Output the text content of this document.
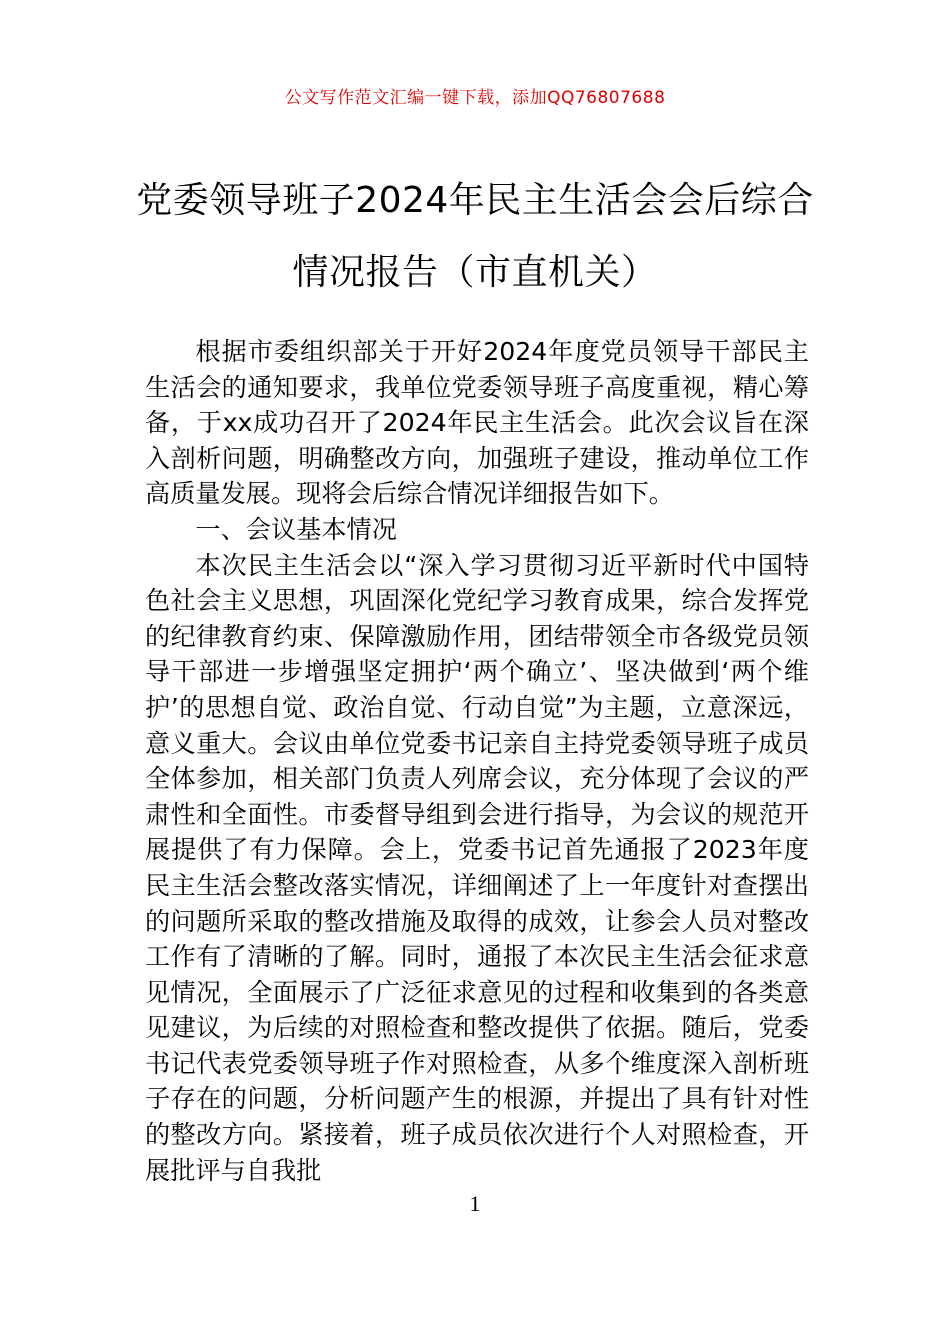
公文写作范文汇编一键下载，添加QQ76807688
党委领导班子2024年民主生活会会后综合
情况报告（市直机关）

根据市委组织部关于开好2024年度党员领导干部民主生活会的通知要求，我单位党委领导班子高度重视，精心筹备，于xx成功召开了2024年民主生活会。此次会议旨在深入剖析问题，明确整改方向，加强班子建设，推动单位工作高质量发展。现将会后综合情况详细报告如下。

一、会议基本情况

本次民主生活会以“深入学习贯彻习近平新时代中国特色社会主义思想，巩固深化党纪学习教育成果，综合发挥党的纪律教育约束、保障激励作用，团结带领全市各级党员领导干部进一步增强坚定拥护‘两个确立’、坚决做到‘两个维护’的思想自觉、政治自觉、行动自觉”为主题，立意深远，意义重大。会议由单位党委书记亲自主持党委领导班子成员全体参加，相关部门负责人列席会议，充分体现了会议的严肃性和全面性。市委督导组到会进行指导，为会议的规范开展提供了有力保障。会上，党委书记首先通报了2023年度民主生活会整改落实情况，详细阐述了上一年度针对查摆出的问题所采取的整改措施及取得的成效，让参会人员对整改工作有了清晰的了解。同时，通报了本次民主生活会征求意见情况，全面展示了广泛征求意见的过程和收集到的各类意见建议，为后续的对照检查和整改提供了依据。随后，党委书记代表党委领导班子作对照检查，从多个维度深入剖析班子存在的问题，分析问题产生的根源，并提出了具有针对性的整改方向。紧接着，班子成员依次进行个人对照检查，开展批评与自我批

1
